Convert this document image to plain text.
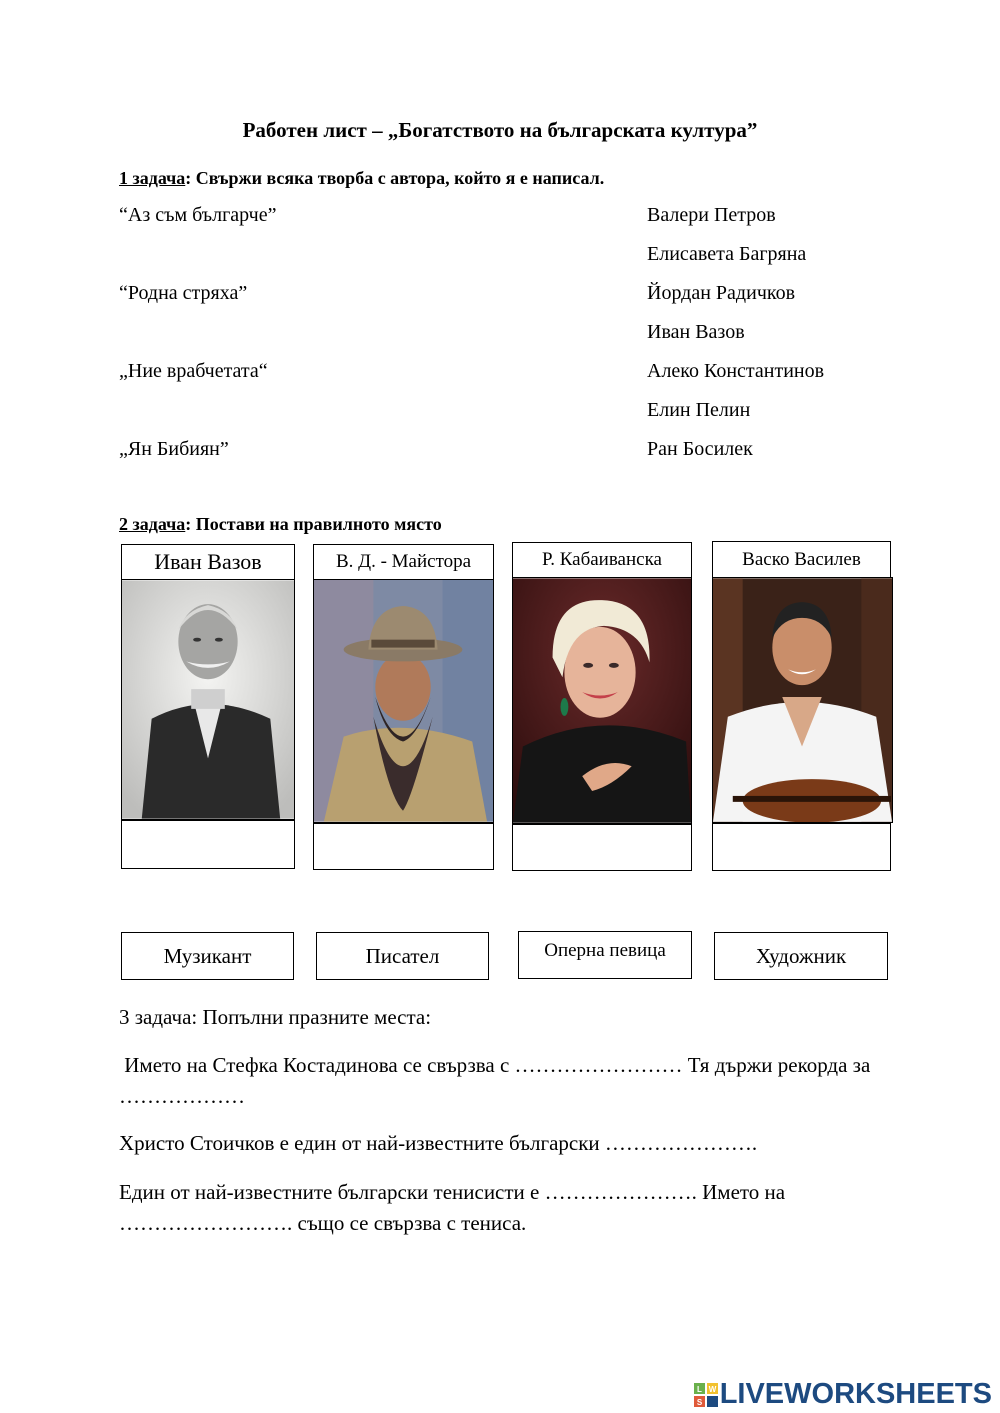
Работен лист – „Богатството на българската култура”
1 задача: Свържи всяка творба с автора, който я е написал.
“Аз съм българче”
“Родна стряха”
„Ние врабчетата“
„Ян Бибиян”
Валери Петров
Елисавета Багряна
Йордан Радичков
Иван Вазов
Алеко Константинов
Елин Пелин
Ран Босилек
2 задача: Постави на правилното място
Иван Вазов	В. Д. - Майстора	Р. Кабаиванска	Васко Василев
Музикант	Писател	Оперна певица	Художник
3 задача: Попълни празните места:
Името на Стефка Костадинова се свързва с …………………… Тя държи рекорда за ………………
Христо Стоичков е един от най-известните български ………………….
Един от най-известните български тенисисти е …………………. Името на ……………………. също се свързва с тениса.
L W
S LIVEWORKSHEETS
